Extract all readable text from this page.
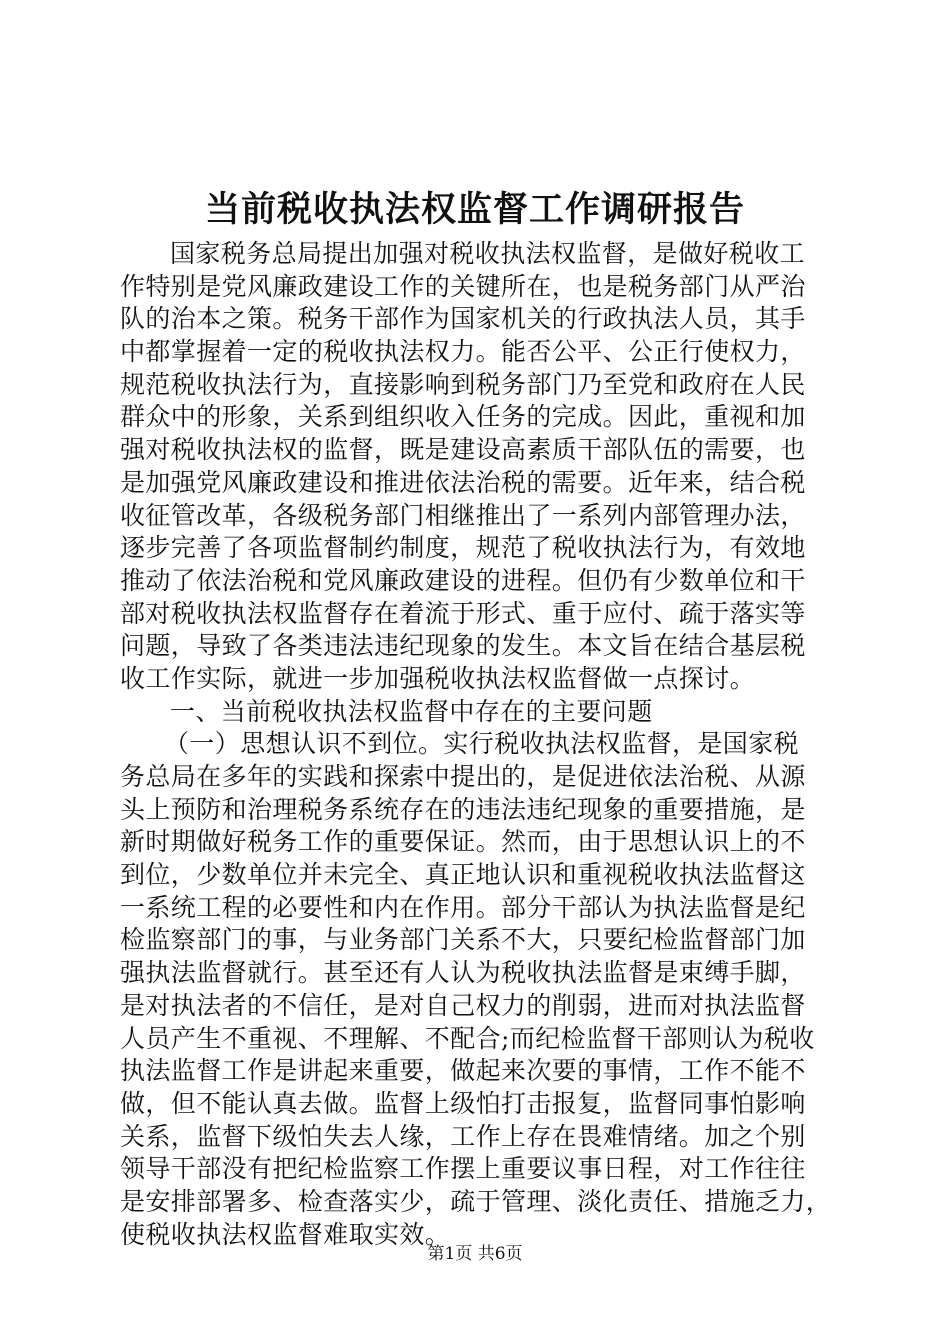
当前税收执法权监督工作调研报告
国家税务总局提出加强对税收执法权监督，是做好税收工
作特别是党风廉政建设工作的关键所在，也是税务部门从严治
队的治本之策。税务干部作为国家机关的行政执法人员，其手
中都掌握着一定的税收执法权力。能否公平、公正行使权力，
规范税收执法行为，直接影响到税务部门乃至党和政府在人民
群众中的形象，关系到组织收入任务的完成。因此，重视和加
强对税收执法权的监督，既是建设高素质干部队伍的需要，也
是加强党风廉政建设和推进依法治税的需要。近年来，结合税
收征管改革，各级税务部门相继推出了一系列内部管理办法，
逐步完善了各项监督制约制度，规范了税收执法行为，有效地
推动了依法治税和党风廉政建设的进程。但仍有少数单位和干
部对税收执法权监督存在着流于形式、重于应付、疏于落实等
问题，导致了各类违法违纪现象的发生。本文旨在结合基层税
收工作实际，就进一步加强税收执法权监督做一点探讨。
一、当前税收执法权监督中存在的主要问题
（一）思想认识不到位。实行税收执法权监督，是国家税
务总局在多年的实践和探索中提出的，是促进依法治税、从源
头上预防和治理税务系统存在的违法违纪现象的重要措施，是
新时期做好税务工作的重要保证。然而，由于思想认识上的不
到位，少数单位并未完全、真正地认识和重视税收执法监督这
一系统工程的必要性和内在作用。部分干部认为执法监督是纪
检监察部门的事，与业务部门关系不大，只要纪检监督部门加
强执法监督就行。甚至还有人认为税收执法监督是束缚手脚，
是对执法者的不信任，是对自己权力的削弱，进而对执法监督
人员产生不重视、不理解、不配合;而纪检监督干部则认为税收
执法监督工作是讲起来重要，做起来次要的事情，工作不能不
做，但不能认真去做。监督上级怕打击报复，监督同事怕影响
关系，监督下级怕失去人缘，工作上存在畏难情绪。加之个别
领导干部没有把纪检监察工作摆上重要议事日程，对工作往往
是安排部署多、检查落实少，疏于管理、淡化责任、措施乏力，
使税收执法权监督难取实效。
第1页 共6页
